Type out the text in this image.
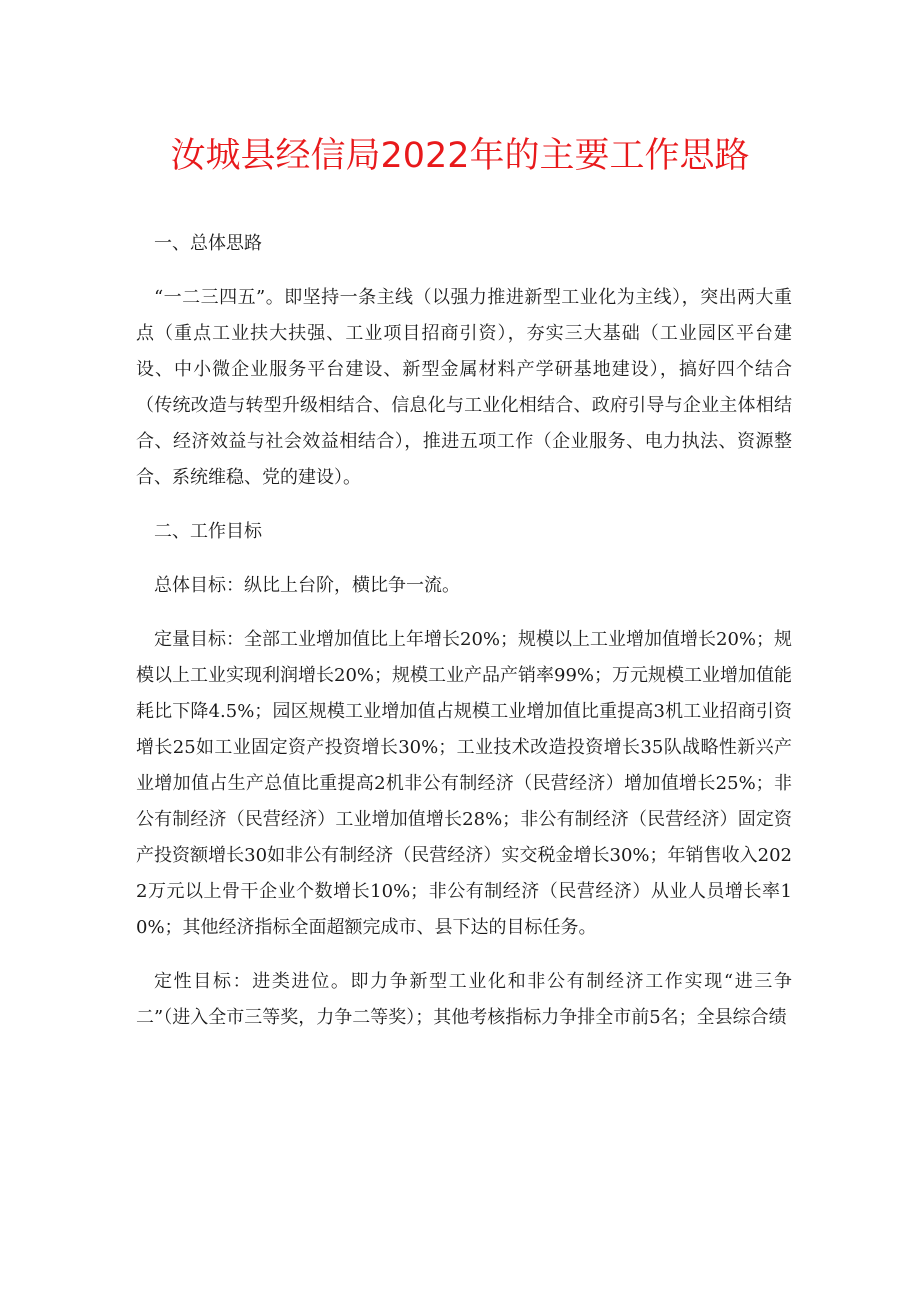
汝城县经信局2022年的主要工作思路

一、总体思路

“一二三四五”。即坚持一条主线（以强力推进新型工业化为主线），突出两大重点（重点工业扶大扶强、工业项目招商引资），夯实三大基础（工业园区平台建设、中小微企业服务平台建设、新型金属材料产学研基地建设），搞好四个结合（传统改造与转型升级相结合、信息化与工业化相结合、政府引导与企业主体相结合、经济效益与社会效益相结合），推进五项工作（企业服务、电力执法、资源整合、系统维稳、党的建设）。

二、工作目标

总体目标：纵比上台阶，横比争一流。

定量目标：全部工业增加值比上年增长20%；规模以上工业增加值增长20%；规模以上工业实现利润增长20%；规模工业产品产销率99%；万元规模工业增加值能耗比下降4.5%；园区规模工业增加值占规模工业增加值比重提高3机工业招商引资增长25如工业固定资产投资增长30%；工业技术改造投资增长35队战略性新兴产业增加值占生产总值比重提高2机非公有制经济（民营经济）增加值增长25%；非公有制经济（民营经济）工业增加值增长28%；非公有制经济（民营经济）固定资产投资额增长30如非公有制经济（民营经济）实交税金增长30%；年销售收入2022万元以上骨干企业个数增长10%；非公有制经济（民营经济）从业人员增长率10%；其他经济指标全面超额完成市、县下达的目标任务。

定性目标：进类进位。即力争新型工业化和非公有制经济工作实现“进三争二”（进入全市三等奖，力争二等奖）；其他考核指标力争排全市前5名；全县综合绩
